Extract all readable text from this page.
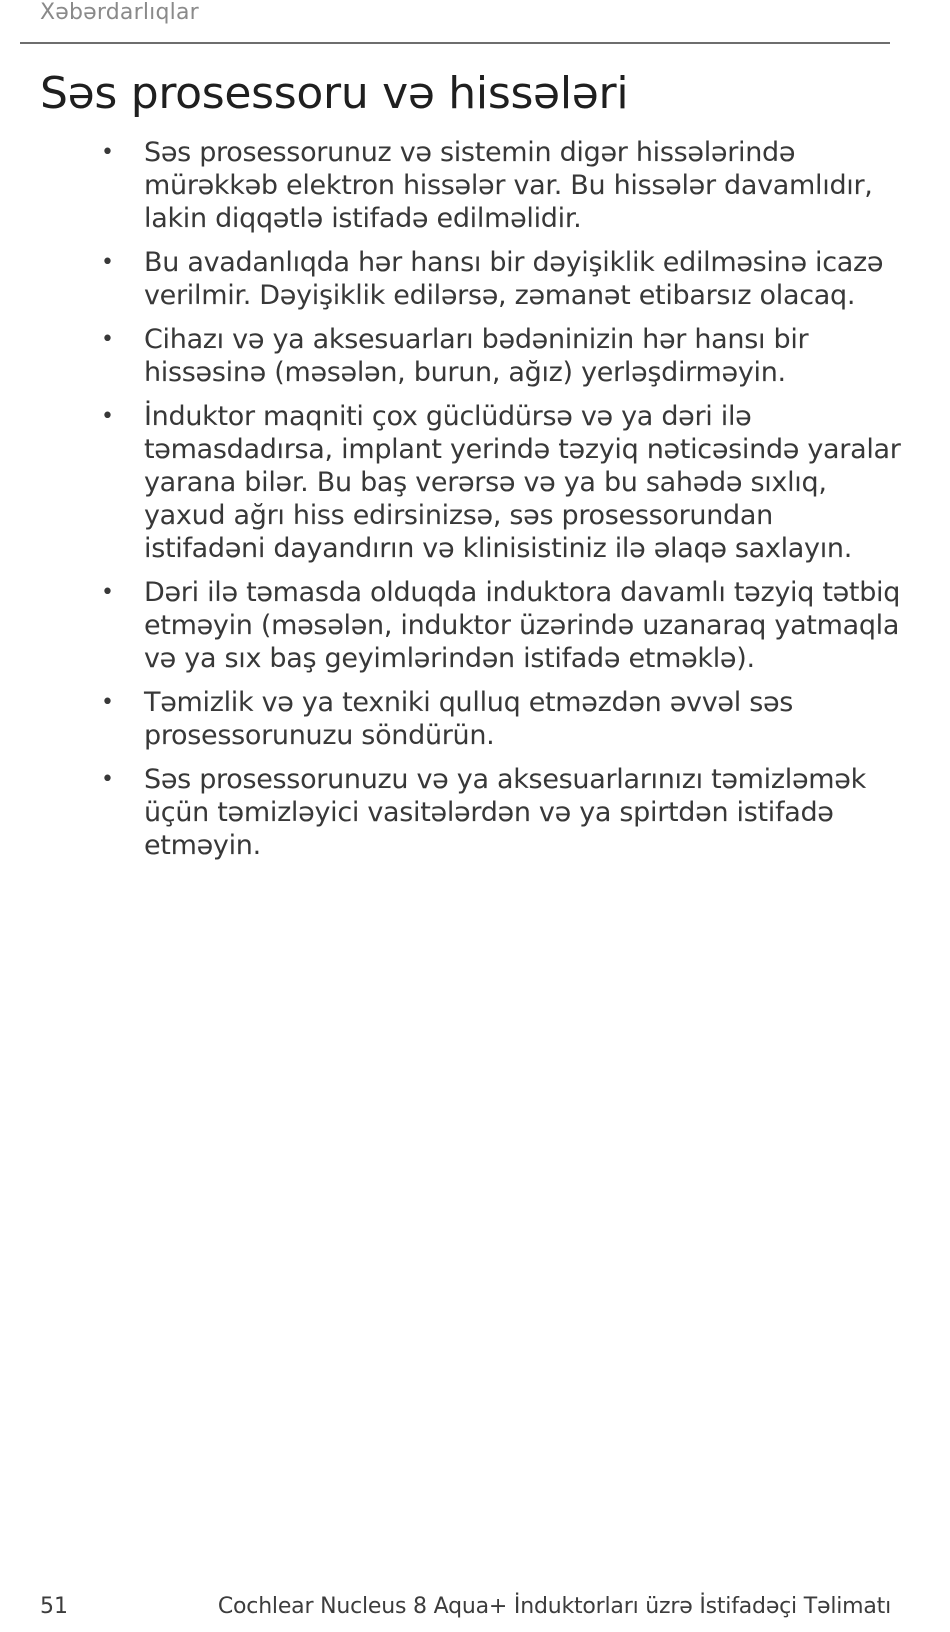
Xəbərdarlıqlar
Səs prosessoru və hissələri
• Səs prosessorunuz və sistemin digər hissələrində mürəkkəb elektron hissələr var. Bu hissələr davamlıdır, lakin diqqətlə istifadə edilməlidir.
• Bu avadanlıqda hər hansı bir dəyişiklik edilməsinə icazə verilmir. Dəyişiklik edilərsə, zəmanət etibarsız olacaq.
• Cihazı və ya aksesuarları bədəninizin hər hansı bir hissəsinə (məsələn, burun, ağız) yerləşdirməyin.
• İnduktor maqniti çox güclüdürsə və ya dəri ilə təmasdadırsa, implant yerində təzyiq nəticəsində yaralar yarana bilər. Bu baş verərsə və ya bu sahədə sıxlıq, yaxud ağrı hiss edirsinizsə, səs prosessorundan istifadəni dayandırın və klinisistiniz ilə əlaqə saxlayın.
• Dəri ilə təmasda olduqda induktora davamlı təzyiq tətbiq etməyin (məsələn, induktor üzərində uzanaraq yatmaqla və ya sıx baş geyimlərindən istifadə etməklə).
• Təmizlik və ya texniki qulluq etməzdən əvvəl səs prosessorunuzu söndürün.
• Səs prosessorunuzu və ya aksesuarlarınızı təmizləmək üçün təmizləyici vasitələrdən və ya spirtdən istifadə etməyin.
51	Cochlear Nucleus 8 Aqua+ İnduktorları üzrə İstifadəçi Təlimatı
